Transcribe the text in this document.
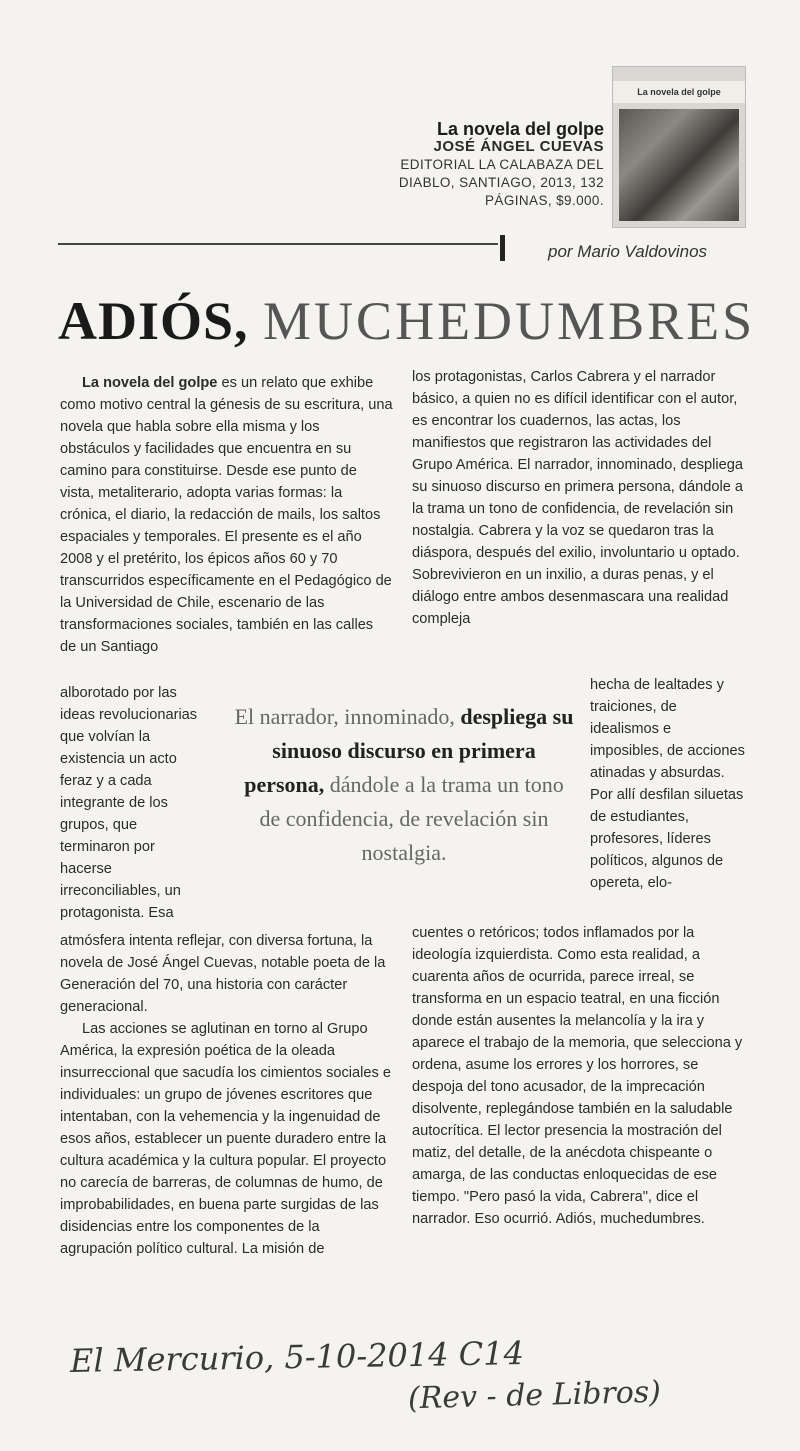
La novela del golpe
JOSÉ ÁNGEL CUEVAS
EDITORIAL LA CALABAZA DEL
DIABLO, SANTIAGO, 2013, 132
PÁGINAS, $9.000.
La novela del golpe
por Mario Valdovinos
ADIÓS, MUCHEDUMBRES

La novela del golpe es un relato que exhibe como motivo central la génesis de su escritura, una novela que habla sobre ella misma y los obstáculos y facilidades que encuentra en su camino para constituirse. Desde ese punto de vista, metaliterario, adopta varias formas: la crónica, el diario, la redacción de mails, los saltos espaciales y temporales. El presente es el año 2008 y el pretérito, los épicos años 60 y 70 transcurridos específicamente en el Pedagógico de la Universidad de Chile, escenario de las transformaciones sociales, también en las calles de un Santiago

alborotado por las ideas revolucionarias que volvían la existencia un acto feraz y a cada integrante de los grupos, que terminaron por hacerse irreconciliables, un protagonista. Esa

El narrador, innominado, despliega su sinuoso discurso en primera persona, dándole a la trama un tono de confidencia, de revelación sin nostalgia.

atmósfera intenta reflejar, con diversa fortuna, la novela de José Ángel Cuevas, notable poeta de la Generación del 70, una historia con carácter generacional.

Las acciones se aglutinan en torno al Grupo América, la expresión poética de la oleada insurreccional que sacudía los cimientos sociales e individuales: un grupo de jóvenes escritores que intentaban, con la vehemencia y la ingenuidad de esos años, establecer un puente duradero entre la cultura académica y la cultura popular. El proyecto no carecía de barreras, de columnas de humo, de improbabilidades, en buena parte surgidas de las disidencias entre los componentes de la agrupación político cultural. La misión de

los protagonistas, Carlos Cabrera y el narrador básico, a quien no es difícil identificar con el autor, es encontrar los cuadernos, las actas, los manifiestos que registraron las actividades del Grupo América. El narrador, innominado, despliega su sinuoso discurso en primera persona, dándole a la trama un tono de confidencia, de revelación sin nostalgia. Cabrera y la voz se quedaron tras la diáspora, después del exilio, involuntario u optado. Sobrevivieron en un inxilio, a duras penas, y el diálogo entre ambos desenmascara una realidad compleja

hecha de lealtades y traiciones, de idealismos e imposibles, de acciones atinadas y absurdas. Por allí desfilan siluetas de estudiantes, profesores, líderes políticos, algunos de opereta, elo-

cuentes o retóricos; todos inflamados por la ideología izquierdista. Como esta realidad, a cuarenta años de ocurrida, parece irreal, se transforma en un espacio teatral, en una ficción donde están ausentes la melancolía y la ira y aparece el trabajo de la memoria, que selecciona y ordena, asume los errores y los horrores, se despoja del tono acusador, de la imprecación disolvente, replegándose también en la saludable autocrítica. El lector presencia la mostración del matiz, del detalle, de la anécdota chispeante o amarga, de las conductas enloquecidas de ese tiempo. "Pero pasó la vida, Cabrera", dice el narrador. Eso ocurrió. Adiós, muchedumbres.

El Mercurio, 5-10-2014 C14
(Rev - de Libros)
